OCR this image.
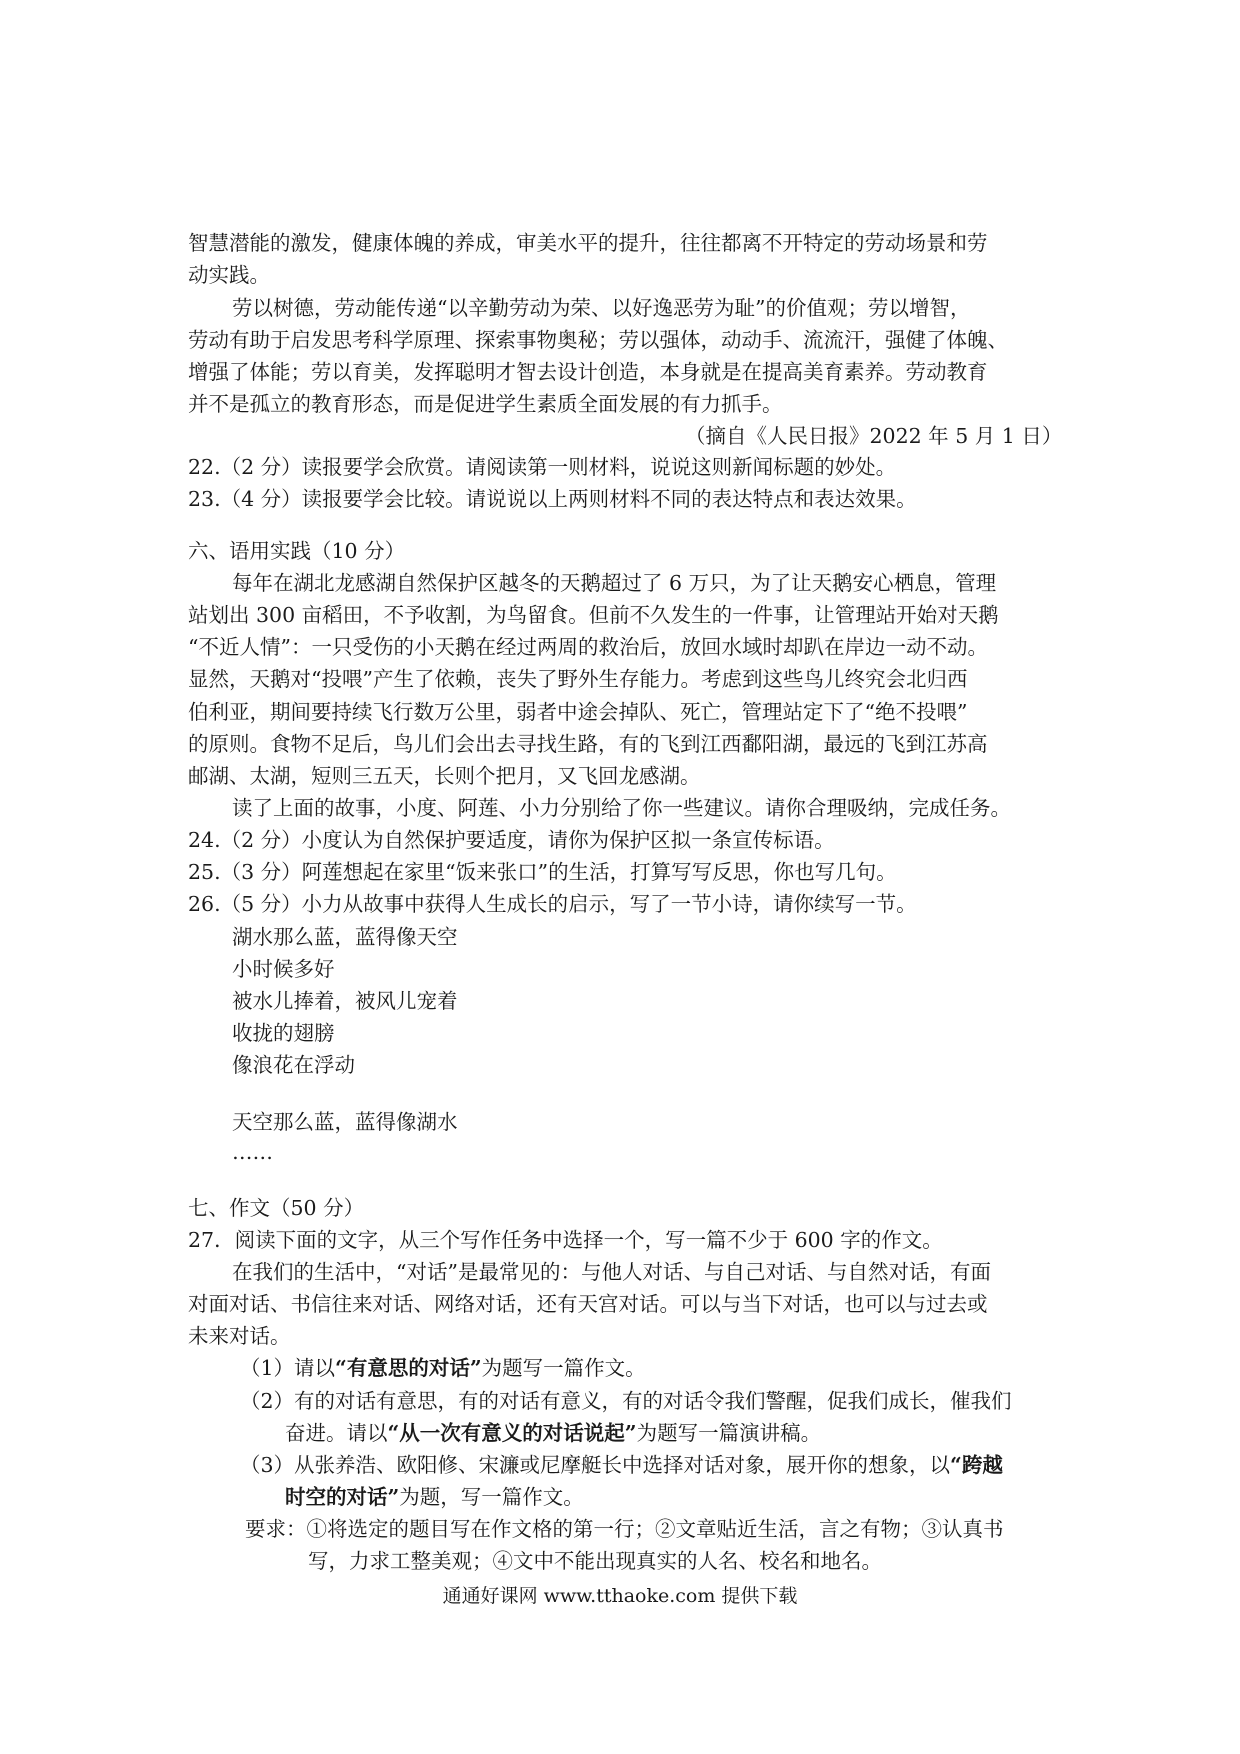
智慧潜能的激发，健康体魄的养成，审美水平的提升，往往都离不开特定的劳动场景和劳
动实践。
劳以树德，劳动能传递“以辛勤劳动为荣、以好逸恶劳为耻”的价值观；劳以增智，
劳动有助于启发思考科学原理、探索事物奥秘；劳以强体，动动手、流流汗，强健了体魄、
增强了体能；劳以育美，发挥聪明才智去设计创造，本身就是在提高美育素养。劳动教育
并不是孤立的教育形态，而是促进学生素质全面发展的有力抓手。
（摘自《人民日报》2022 年 5 月 1 日）
22.（2 分）读报要学会欣赏。请阅读第一则材料，说说这则新闻标题的妙处。
23.（4 分）读报要学会比较。请说说以上两则材料不同的表达特点和表达效果。
六、语用实践（10 分）
每年在湖北龙感湖自然保护区越冬的天鹅超过了 6 万只，为了让天鹅安心栖息，管理
站划出 300 亩稻田，不予收割，为鸟留食。但前不久发生的一件事，让管理站开始对天鹅
“不近人情”：一只受伤的小天鹅在经过两周的救治后，放回水域时却趴在岸边一动不动。
显然，天鹅对“投喂”产生了依赖，丧失了野外生存能力。考虑到这些鸟儿终究会北归西
伯利亚，期间要持续飞行数万公里，弱者中途会掉队、死亡，管理站定下了“绝不投喂”
的原则。食物不足后，鸟儿们会出去寻找生路，有的飞到江西鄱阳湖，最远的飞到江苏高
邮湖、太湖，短则三五天，长则个把月，又飞回龙感湖。
读了上面的故事，小度、阿莲、小力分别给了你一些建议。请你合理吸纳，完成任务。
24.（2 分）小度认为自然保护要适度，请你为保护区拟一条宣传标语。
25.（3 分）阿莲想起在家里“饭来张口”的生活，打算写写反思，你也写几句。
26.（5 分）小力从故事中获得人生成长的启示，写了一节小诗，请你续写一节。
湖水那么蓝，蓝得像天空
小时候多好
被水儿捧着，被风儿宠着
收拢的翅膀
像浪花在浮动
天空那么蓝，蓝得像湖水
……
七、作文（50 分）
27．阅读下面的文字，从三个写作任务中选择一个，写一篇不少于 600 字的作文。
在我们的生活中，“对话”是最常见的：与他人对话、与自己对话、与自然对话，有面
对面对话、书信往来对话、网络对话，还有天宫对话。可以与当下对话，也可以与过去或
未来对话。
（1）请以“有意思的对话”为题写一篇作文。
（2）有的对话有意思，有的对话有意义，有的对话令我们警醒，促我们成长，催我们
奋进。请以“从一次有意义的对话说起”为题写一篇演讲稿。
（3）从张养浩、欧阳修、宋濂或尼摩艇长中选择对话对象，展开你的想象，以“跨越
时空的对话”为题，写一篇作文。
要求：①将选定的题目写在作文格的第一行；②文章贴近生活，言之有物；③认真书
写，力求工整美观；④文中不能出现真实的人名、校名和地名。
通通好课网 www.tthaoke.com 提供下载
